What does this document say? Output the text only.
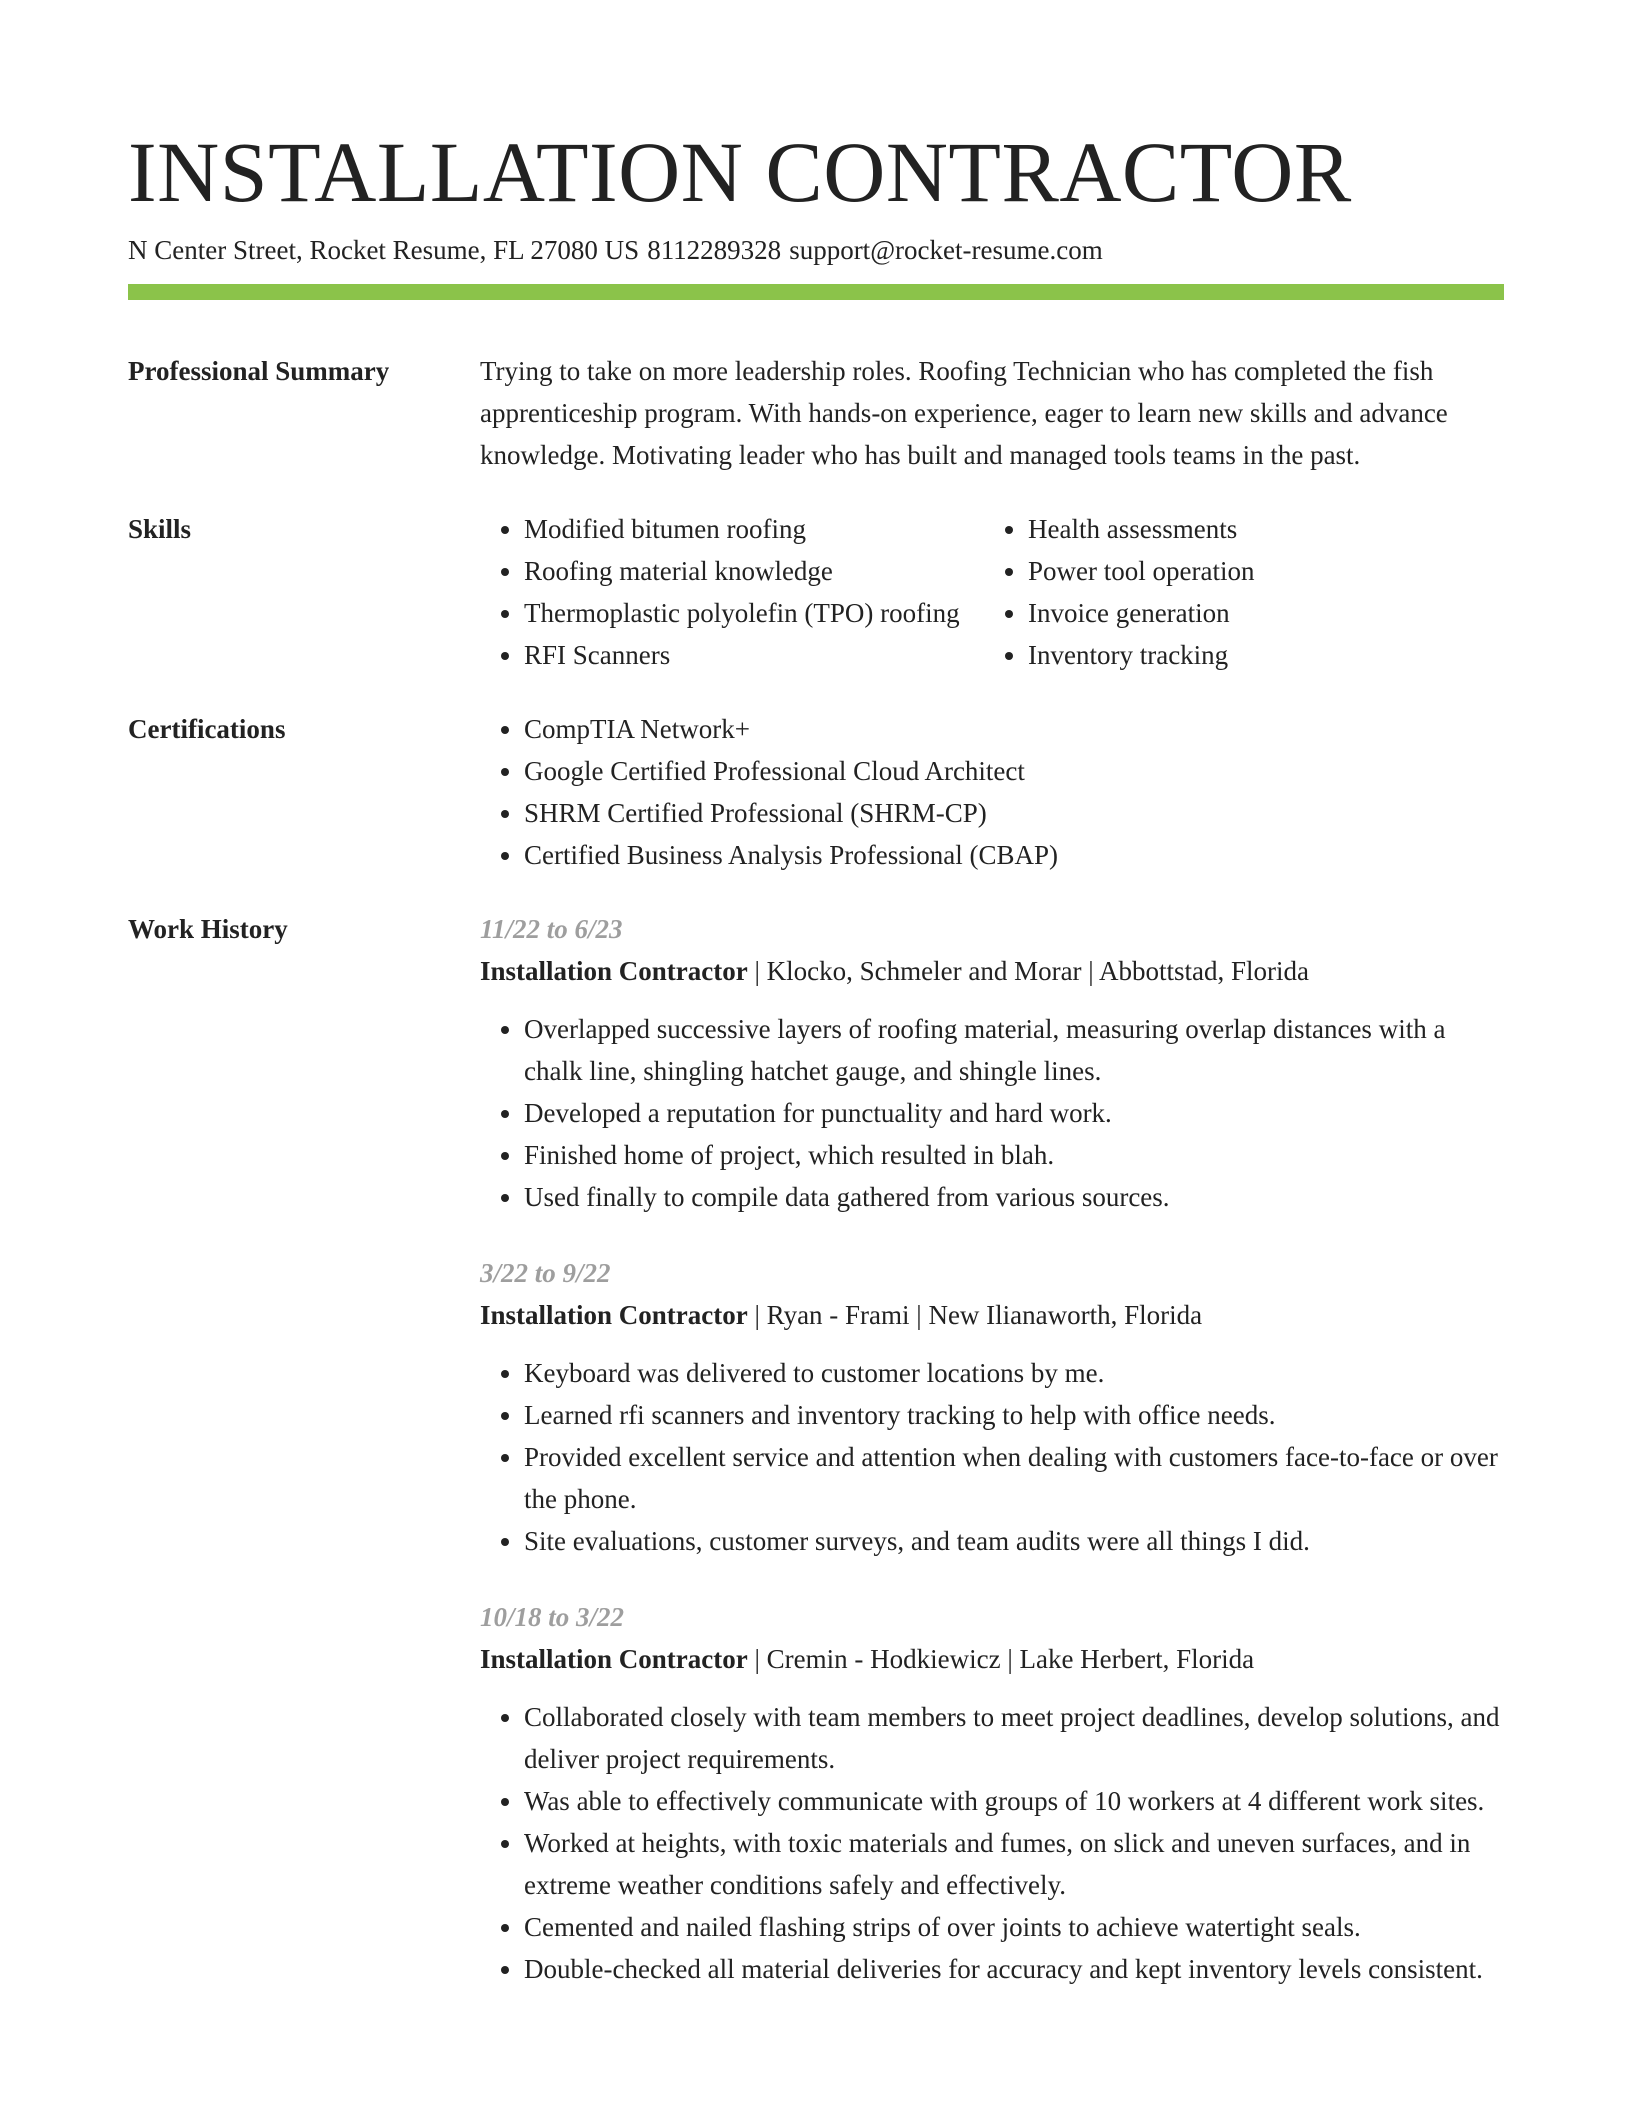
INSTALLATION CONTRACTOR
N Center Street, Rocket Resume, FL 27080 US 8112289328 support@rocket-resume.com
Professional Summary	Trying to take on more leadership roles. Roofing Technician who has completed the fish apprenticeship program. With hands-on experience, eager to learn new skills and advance knowledge. Motivating leader who has built and managed tools teams in the past.

Skills	• Modified bitumen roofing
• Roofing material knowledge
• Thermoplastic polyolefin (TPO) roofing
• RFI Scanners
• Health assessments
• Power tool operation
• Invoice generation
• Inventory tracking
Certifications	• CompTIA Network+
• Google Certified Professional Cloud Architect
• SHRM Certified Professional (SHRM-CP)
• Certified Business Analysis Professional (CBAP)
Work History	11/22 to 6/23
Installation Contractor | Klocko, Schmeler and Morar | Abbottstad, Florida
• Overlapped successive layers of roofing material, measuring overlap distances with a chalk line, shingling hatchet gauge, and shingle lines.
• Developed a reputation for punctuality and hard work.
• Finished home of project, which resulted in blah.
• Used finally to compile data gathered from various sources.
3/22 to 9/22
Installation Contractor | Ryan - Frami | New Ilianaworth, Florida
• Keyboard was delivered to customer locations by me.
• Learned rfi scanners and inventory tracking to help with office needs.
• Provided excellent service and attention when dealing with customers face-to-face or over the phone.
• Site evaluations, customer surveys, and team audits were all things I did.
10/18 to 3/22
Installation Contractor | Cremin - Hodkiewicz | Lake Herbert, Florida
• Collaborated closely with team members to meet project deadlines, develop solutions, and deliver project requirements.
• Was able to effectively communicate with groups of 10 workers at 4 different work sites.
• Worked at heights, with toxic materials and fumes, on slick and uneven surfaces, and in extreme weather conditions safely and effectively.
• Cemented and nailed flashing strips of over joints to achieve watertight seals.
• Double-checked all material deliveries for accuracy and kept inventory levels consistent.
